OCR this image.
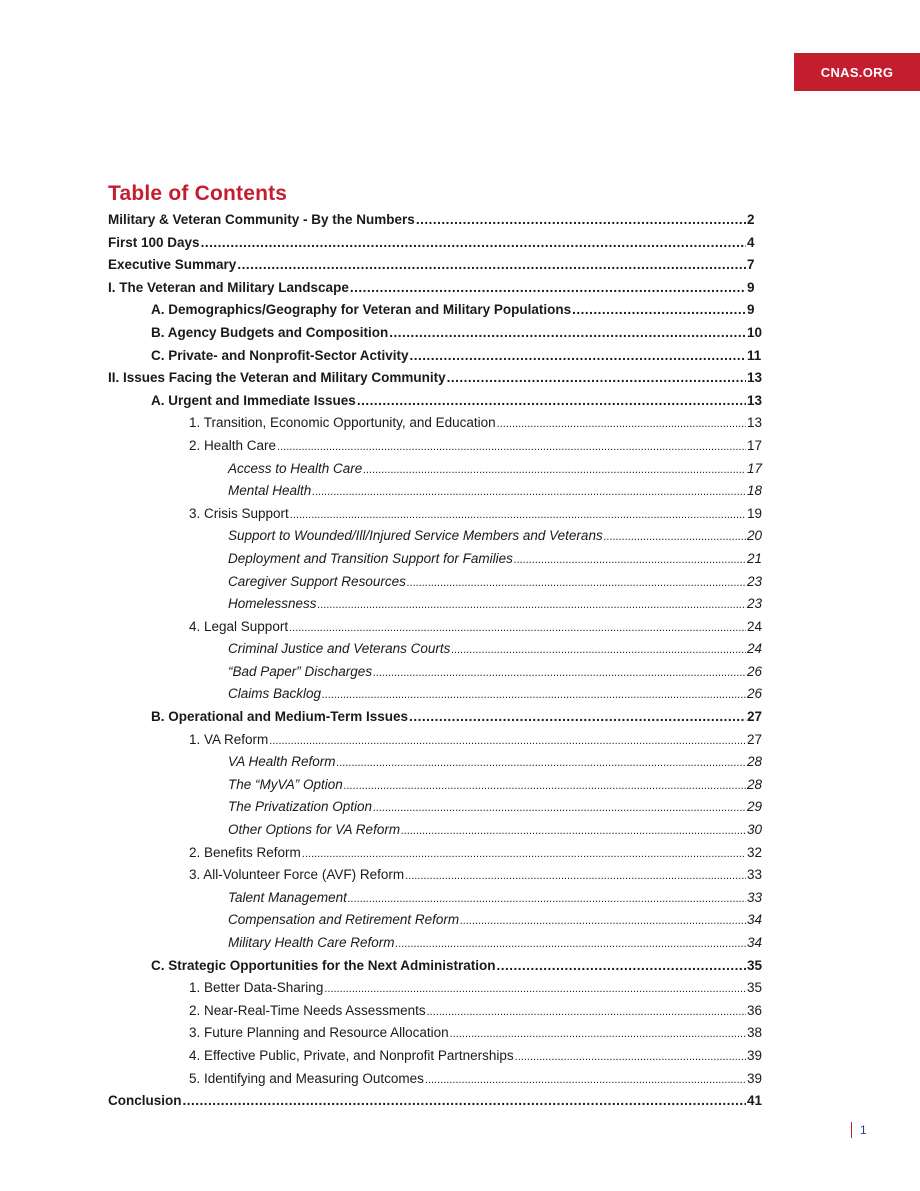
CNAS.ORG
Table of Contents
Military & Veteran Community - By the Numbers .....	2
First 100 Days .....	4
Executive Summary .....	7
I. The Veteran and Military Landscape .....	9
A. Demographics/Geography for Veteran and Military Populations .....	9
B. Agency Budgets and Composition .....	10
C. Private- and Nonprofit-Sector Activity .....	11
II. Issues Facing the Veteran and Military Community .....	13
A. Urgent and Immediate Issues .....	13
1. Transition, Economic Opportunity, and Education .....	13
2. Health Care .....	17
Access to Health Care .....	17
Mental Health .....	18
3. Crisis Support .....	19
Support to Wounded/Ill/Injured Service Members and Veterans .....	20
Deployment and Transition Support for Families .....	21
Caregiver Support Resources .....	23
Homelessness .....	23
4. Legal Support .....	24
Criminal Justice and Veterans Courts .....	24
“Bad Paper” Discharges .....	26
Claims Backlog .....	26
B. Operational and Medium-Term Issues .....	27
1. VA Reform .....	27
VA Health Reform .....	28
The “MyVA” Option .....	28
The Privatization Option .....	29
Other Options for VA Reform .....	30
2. Benefits Reform .....	32
3. All-Volunteer Force (AVF) Reform .....	33
Talent Management .....	33
Compensation and Retirement Reform .....	34
Military Health Care Reform .....	34
C. Strategic Opportunities for the Next Administration .....	35
1. Better Data-Sharing .....	35
2. Near-Real-Time Needs Assessments .....	36
3. Future Planning and Resource Allocation .....	38
4. Effective Public, Private, and Nonprofit Partnerships .....	39
5. Identifying and Measuring Outcomes .....	39
Conclusion .....	41
1
